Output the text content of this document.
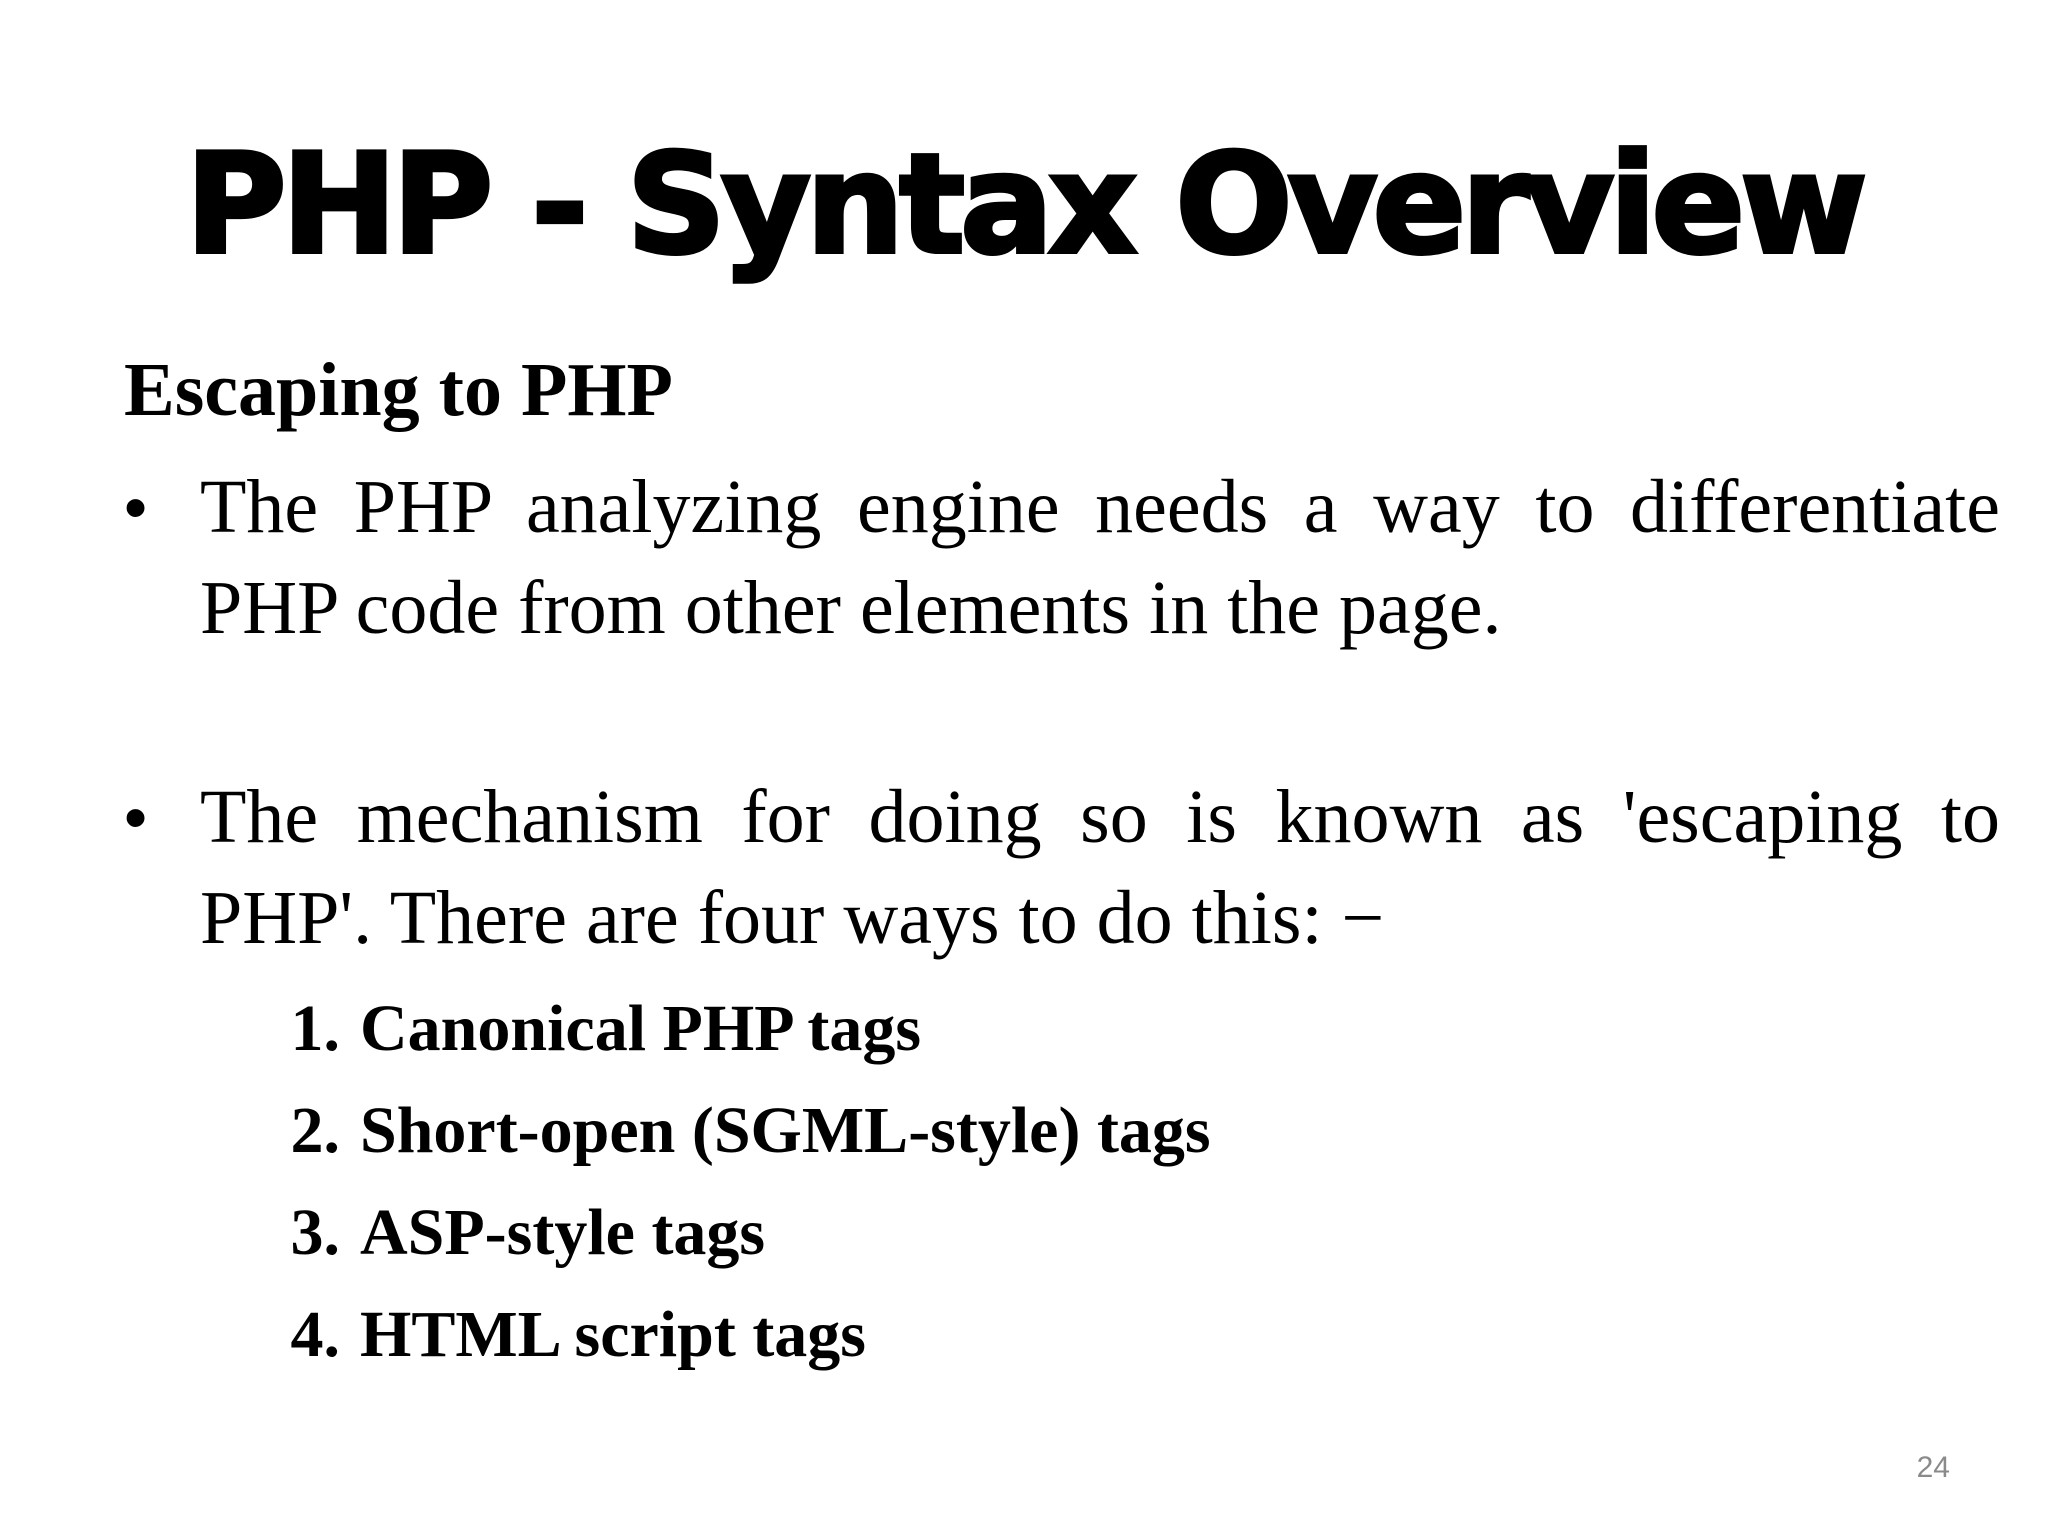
PHP - Syntax Overview
Escaping to PHP
• The PHP analyzing engine needs a way to differentiate PHP code from other elements in the page.
• The mechanism for doing so is known as 'escaping to PHP'. There are four ways to do this: −
1. Canonical PHP tags
2. Short-open (SGML-style) tags
3. ASP-style tags
4. HTML script tags
24
